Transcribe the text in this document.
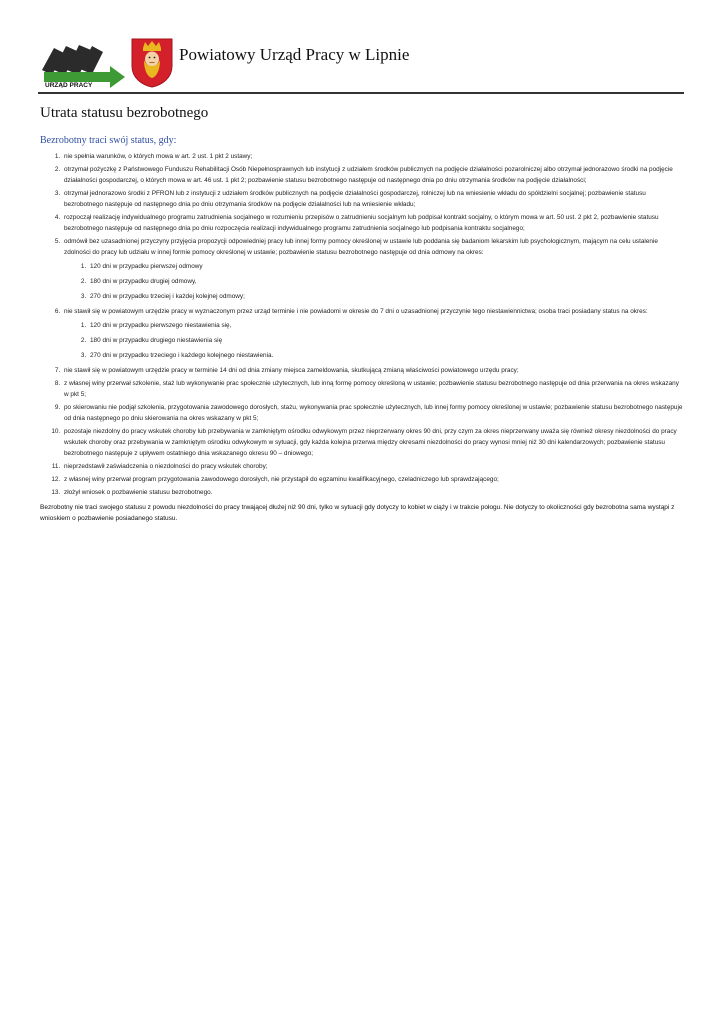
URZĄD PRACY
Powiatowy Urząd Pracy w Lipnie
Utrata statusu bezrobotnego
Bezrobotny traci swój status, gdy:
1. nie spełnia warunków, o których mowa w art. 2 ust. 1 pkt 2 ustawy;
2. otrzymał pożyczkę z Państwowego Funduszu Rehabilitacji Osób Niepełnosprawnych lub instytucji z udziałem środków publicznych na podjęcie działalności pozarolniczej albo otrzymał jednorazowo środki na podjęcie działalności gospodarczej, o których mowa w art. 46 ust. 1 pkt 2; pozbawienie statusu bezrobotnego następuje od następnego dnia po dniu otrzymania środków na podjęcie działalności;
3. otrzymał jednorazowo środki z PFRON lub z instytucji z udziałem środków publicznych na podjęcie działalności gospodarczej, rolniczej lub na wniesienie wkładu do spółdzielni socjalnej; pozbawienie statusu bezrobotnego następuje od następnego dnia po dniu otrzymania środków na podjęcie działalności lub na wniesienie wkładu;
4. rozpoczął realizację indywidualnego programu zatrudnienia socjalnego w rozumieniu przepisów o zatrudnieniu socjalnym lub podpisał kontrakt socjalny, o którym mowa w art. 50 ust. 2 pkt 2, pozbawienie statusu bezrobotnego następuje od następnego dnia po dniu rozpoczęcia realizacji indywidualnego programu zatrudnienia socjalnego lub podpisania kontraktu socjalnego;
5. odmówił bez uzasadnionej przyczyny przyjęcia propozycji odpowiedniej pracy lub innej formy pomocy określonej w ustawie lub poddania się badaniom lekarskim lub psychologicznym, mającym na celu ustalenie zdolności do pracy lub udziału w innej formie pomocy określonej w ustawie; pozbawienie statusu bezrobotnego następuje od dnia odmowy na okres:
1. 120 dni w przypadku pierwszej odmowy
2. 180 dni w przypadku drugiej odmowy,
3. 270 dni w przypadku trzeciej i każdej kolejnej odmowy;
6. nie stawił się w powiatowym urzędzie pracy w wyznaczonym przez urząd terminie i nie powiadomi w okresie do 7 dni o uzasadnionej przyczynie tego niestawiennictwa; osoba traci posiadany status na okres:
1. 120 dni w przypadku pierwszego niestawienia się,
2. 180 dni w przypadku drugiego niestawienia się
3. 270 dni w przypadku trzeciego i każdego kolejnego niestawienia.
7. nie stawił się w powiatowym urzędzie pracy w terminie 14 dni od dnia zmiany miejsca zameldowania, skutkującą zmianą właściwości powiatowego urzędu pracy;
8. z własnej winy przerwał szkolenie, staż lub wykonywanie prac społecznie użytecznych, lub inną formę pomocy określoną w ustawie; pozbawienie statusu bezrobotnego następuje od dnia przerwania na okres wskazany w pkt 5;
9. po skierowaniu nie podjął szkolenia, przygotowania zawodowego dorosłych, stażu, wykonywania prac społecznie użytecznych, lub innej formy pomocy określonej w ustawie; pozbawienie statusu bezrobotnego następuje od dnia następnego po dniu skierowania na okres wskazany w pkt 5;
10. pozostaje niezdolny do pracy wskutek choroby lub przebywania w zamkniętym ośrodku odwykowym przez nieprzerwany okres 90 dni, przy czym za okres nieprzerwany uważa się również okresy niezdolności do pracy wskutek choroby oraz przebywania w zamkniętym ośrodku odwykowym w sytuacji, gdy każda kolejna przerwa między okresami niezdolności do pracy wynosi mniej niż 30 dni kalendarzowych; pozbawienie statusu bezrobotnego następuje z upływem ostatniego dnia wskazanego okresu 90 – dniowego;
11. nieprzedstawił zaświadczenia o niezdolności do pracy wskutek choroby;
12. z własnej winy przerwał program przygotowania zawodowego dorosłych, nie przystąpił do egzaminu kwalifikacyjnego, czeladniczego lub sprawdzającego;
13. złożył wniosek o pozbawienie statusu bezrobotnego.

Bezrobotny nie traci swojego statusu z powodu niezdolności do pracy trwającej dłużej niż 90 dni, tylko w sytuacji gdy dotyczy to kobiet w ciąży i w trakcie połogu. Nie dotyczy to okoliczności gdy bezrobotna sama wystąpi z wnioskiem o pozbawienie posiadanego statusu.
